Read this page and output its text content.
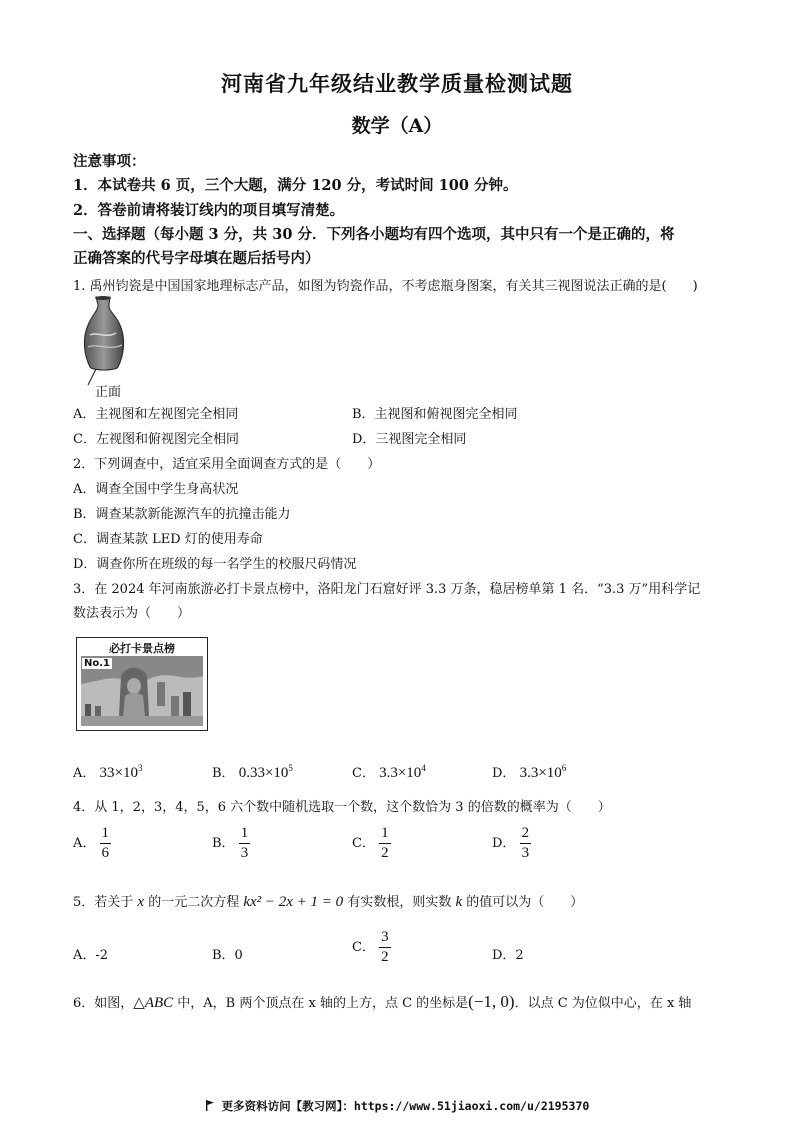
河南省九年级结业教学质量检测试题
数学（A）
注意事项：
1．本试卷共 6 页，三个大题，满分 120 分，考试时间 100 分钟。
2．答卷前请将装订线内的项目填写清楚。
一、选择题（每小题 3 分，共 30 分．下列各小题均有四个选项，其中只有一个是正确的，将
正确答案的代号字母填在题后括号内）
1. 禹州钧瓷是中国国家地理标志产品，如图为钧瓷作品，不考虑瓶身图案，有关其三视图说法正确的是(　　)
正面
A．主视图和左视图完全相同	B．主视图和俯视图完全相同
C．左视图和俯视图完全相同	D．三视图完全相同
2．下列调查中，适宜采用全面调查方式的是（　　）
A．调查全国中学生身高状况
B．调查某款新能源汽车的抗撞击能力
C．调查某款 LED 灯的使用寿命
D．调查你所在班级的每一名学生的校服尺码情况
3．在 2024 年河南旅游必打卡景点榜中，洛阳龙门石窟好评 3.3 万条，稳居榜单第 1 名．“3.3 万”用科学记
数法表示为（　　）
必打卡景点榜
No.1
A． $33\times 10^3$	B． $0.33\times 10^5$	C． $3.3\times 10^4$	D． $3.3\times 10^6$
4．从 1，2，3，4，5，6 六个数中随机选取一个数，这个数恰为 3 的倍数的概率为（　　）
A． $\frac{1}{6}$	B． $\frac{1}{3}$	C． $\frac{1}{2}$	D． $\frac{2}{3}$
5．若关于 x 的一元二次方程 kx² − 2x + 1 = 0 有实数根，则实数 k 的值可以为（　　）
A．-2	B．0
C． $\frac{3}{2}$	D．2
6．如图，△ABC 中，A，B 两个顶点在 x 轴的上方，点 C 的坐标是(−1, 0)．以点 C 为位似中心，在 x 轴
更多资料访问【教习网】：https://www.51jiaoxi.com/u/2195370
